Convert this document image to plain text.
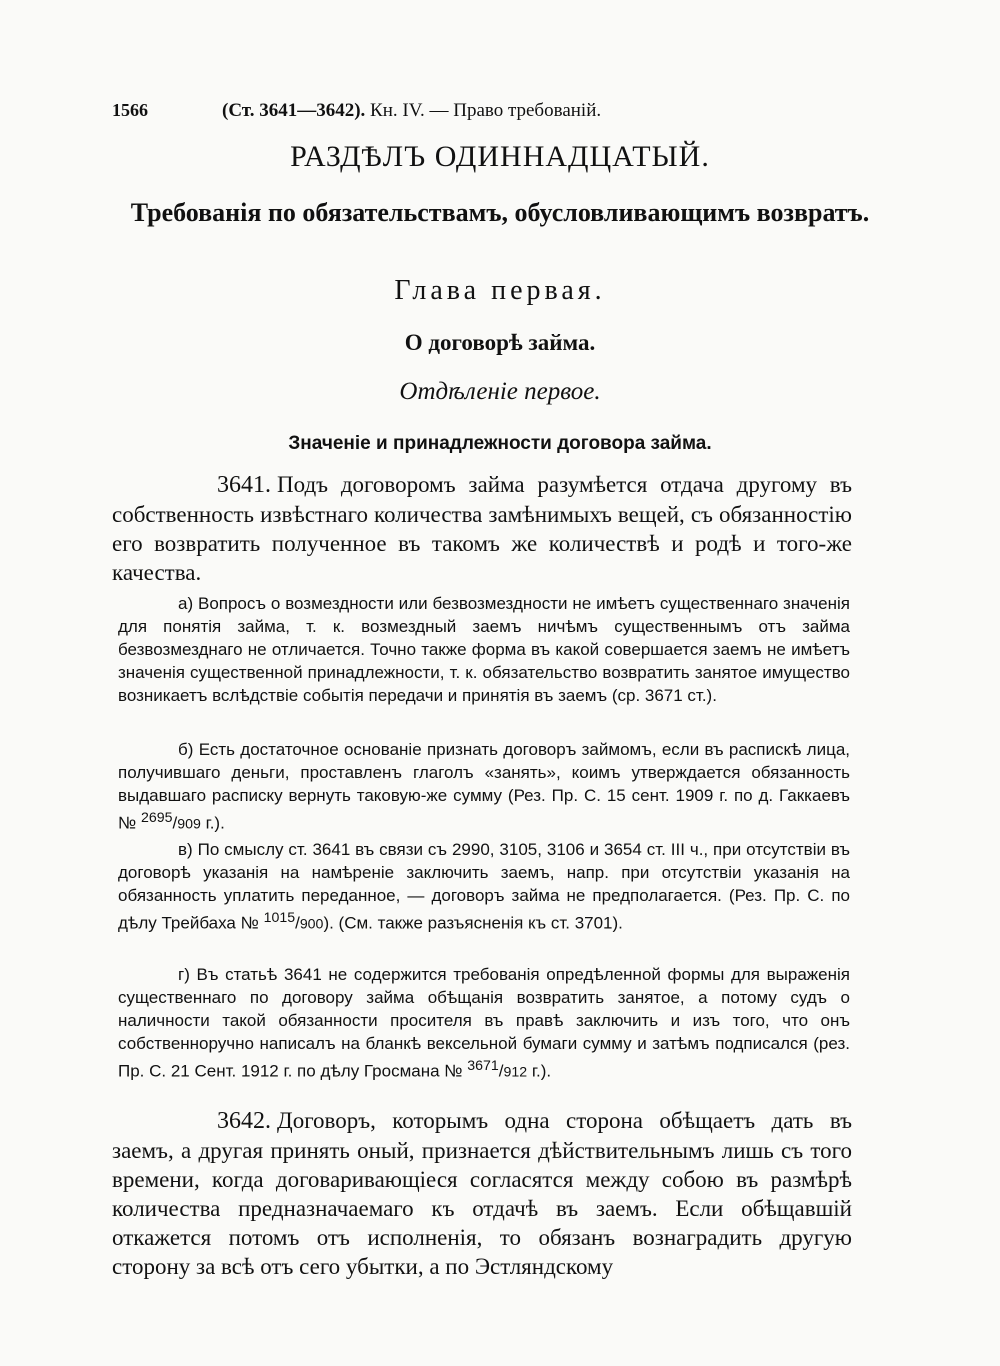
1566	(Ст. 3641—3642). Кн. IV. — Право требованій.
РАЗДѢЛЪ ОДИННАДЦАТЫЙ.
Требованія по обязательствамъ, обусловливающимъ возвратъ.
Глава первая.
О договорѣ займа.
Отдѣленіе первое.
Значеніе и принадлежности договора займа.
3641. Подъ договоромъ займа разумѣется отдача другому въ собственность извѣстнаго количества замѣнимыхъ вещей, съ обязанностію его возвратить полученное въ такомъ же количествѣ и родѣ и того-же качества.
а) Вопросъ о возмездности или безвозмездности не имѣетъ существеннаго значенія для понятія займа, т. к. возмездный заемъ ничѣмъ существеннымъ отъ займа безвозмезднаго не отличается. Точно также форма въ какой совершается заемъ не имѣетъ значенія существенной принадлежности, т. к. обязательство возвратить занятое имущество возникаетъ вслѣдствіе событія передачи и принятія въ заемъ (ср. 3671 ст.).
б) Есть достаточное основаніе признать договоръ займомъ, если въ распискѣ лица, получившаго деньги, проставленъ глаголъ «занять», коимъ утверждается обязанность выдавшаго расписку вернуть таковую-же сумму (Рез. Пр. С. 15 сент. 1909 г. по д. Гаккаевъ № $^{2695}$/909 г.).
в) По смыслу ст. 3641 въ связи съ 2990, 3105, 3106 и 3654 ст. III ч., при отсутствіи въ договорѣ указанія на намѣреніе заключить заемъ, напр. при отсутствіи указанія на обязанность уплатить переданное, — договоръ займа не предполагается. (Рез. Пр. С. по дѣлу Трейбаха № $^{1015}$/900). (См. также разъясненія къ ст. 3701).
г) Въ статьѣ 3641 не содержится требованія опредѣленной формы для выраженія существеннаго по договору займа обѣщанія возвратить занятое, а потому судъ о наличности такой обязанности просителя въ правѣ заключить и изъ того, что онъ собственноручно написалъ на бланкѣ вексельной бумаги сумму и затѣмъ подписался (рез. Пр. С. 21 Сент. 1912 г. по дѣлу Гросмана № $^{3671}$/912 г.).
3642. Договоръ, которымъ одна сторона обѣщаетъ дать въ заемъ, а другая принять оный, признается дѣйствительнымъ лишь съ того времени, когда договаривающіеся согласятся между собою въ размѣрѣ количества предназначаемаго къ отдачѣ въ заемъ. Если обѣщавшій откажется потомъ отъ исполненія, то обязанъ вознаградить другую сторону за всѣ отъ сего убытки, а по Эстляндскому
